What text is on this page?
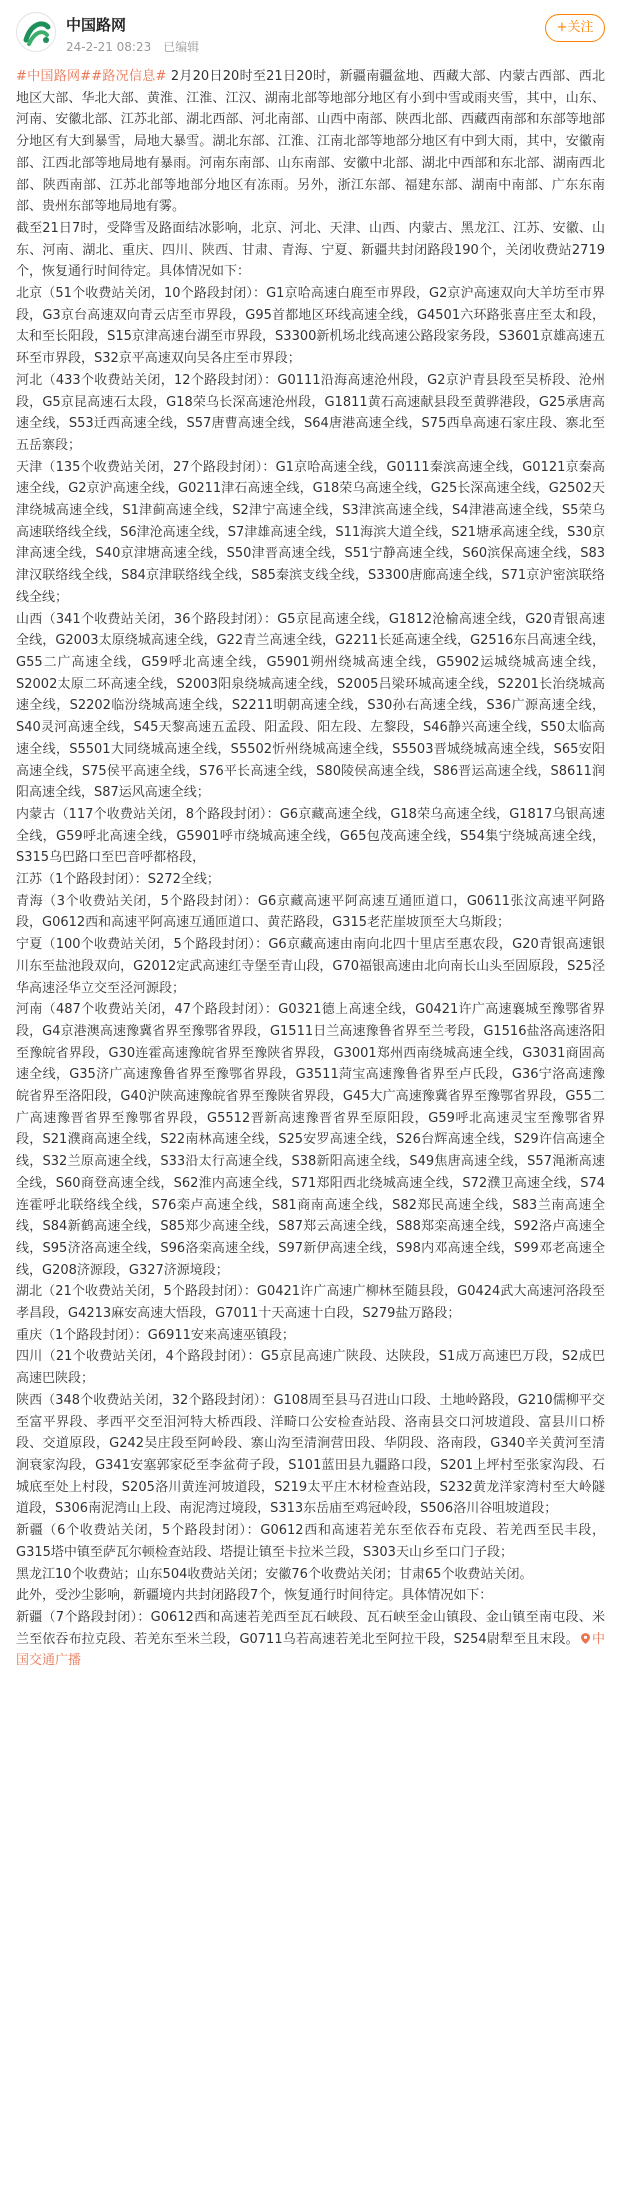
中国路网
24-2-21 08:23 已编辑
+关注

#中国路网##路况信息# 2月20日20时至21日20时，新疆南疆盆地、西藏大部、内蒙古西部、西北地区大部、华北大部、黄淮、江淮、江汉、湖南北部等地部分地区有小到中雪或雨夹雪，其中，山东、河南、安徽北部、江苏北部、湖北西部、河北南部、山西中南部、陕西北部、西藏西南部和东部等地部分地区有大到暴雪，局地大暴雪。湖北东部、江淮、江南北部等地部分地区有中到大雨，其中，安徽南部、江西北部等地局地有暴雨。河南东南部、山东南部、安徽中北部、湖北中西部和东北部、湖南西北部、陕西南部、江苏北部等地部分地区有冻雨。另外，浙江东部、福建东部、湖南中南部、广东东南部、贵州东部等地局地有雾。

截至21日7时，受降雪及路面结冰影响，北京、河北、天津、山西、内蒙古、黑龙江、江苏、安徽、山东、河南、湖北、重庆、四川、陕西、甘肃、青海、宁夏、新疆共封闭路段190个，关闭收费站2719个，恢复通行时间待定。具体情况如下：

北京（51个收费站关闭，10个路段封闭）：G1京哈高速白鹿至市界段，G2京沪高速双向大羊坊至市界段，G3京台高速双向青云店至市界段，G95首都地区环线高速全线，G4501六环路张喜庄至太和段，太和至长阳段，S15京津高速台湖至市界段，S3300新机场北线高速公路段家务段，S3601京雄高速五环至市界段，S32京平高速双向吴各庄至市界段；

河北（433个收费站关闭，12个路段封闭）：G0111沿海高速沧州段，G2京沪青县段至吴桥段、沧州段，G5京昆高速石太段，G18荣乌长深高速沧州段，G1811黄石高速献县段至黄骅港段，G25承唐高速全线，S53迁西高速全线，S57唐曹高速全线，S64唐港高速全线，S75西阜高速石家庄段、寨北至五岳寨段；

天津（135个收费站关闭，27个路段封闭）：G1京哈高速全线，G0111秦滨高速全线，G0121京秦高速全线，G2京沪高速全线，G0211津石高速全线，G18荣乌高速全线，G25长深高速全线，G2502天津绕城高速全线，S1津蓟高速全线，S2津宁高速全线，S3津滨高速全线，S4津港高速全线，S5荣乌高速联络线全线，S6津沧高速全线，S7津雄高速全线，S11海滨大道全线，S21塘承高速全线，S30京津高速全线，S40京津塘高速全线，S50津晋高速全线，S51宁静高速全线，S60滨保高速全线，S83津汉联络线全线，S84京津联络线全线，S85秦滨支线全线，S3300唐廊高速全线，S71京沪密滨联络线全线；

山西（341个收费站关闭，36个路段封闭）：G5京昆高速全线，G1812沧榆高速全线，G20青银高速全线，G2003太原绕城高速全线，G22青兰高速全线，G2211长延高速全线，G2516东吕高速全线，G55二广高速全线，G59呼北高速全线，G5901朔州绕城高速全线，G5902运城绕城高速全线，S2002太原二环高速全线，S2003阳泉绕城高速全线，S2005吕梁环城高速全线，S2201长治绕城高速全线，S2202临汾绕城高速全线，S2211明朝高速全线，S30孙右高速全线，S36广源高速全线，S40灵河高速全线，S45天黎高速五孟段、阳孟段、阳左段、左黎段，S46静兴高速全线，S50太临高速全线，S5501大同绕城高速全线，S5502忻州绕城高速全线，S5503晋城绕城高速全线，S65安阳高速全线，S75侯平高速全线，S76平长高速全线，S80陵侯高速全线，S86晋运高速全线，S8611润阳高速全线，S87运风高速全线；

内蒙古（117个收费站关闭，8个路段封闭）：G6京藏高速全线，G18荣乌高速全线，G1817乌银高速全线，G59呼北高速全线，G5901呼市绕城高速全线，G65包茂高速全线，S54集宁绕城高速全线，S315乌巴路口至巴音呼都格段，

江苏（1个路段封闭）：S272全线；

青海（3个收费站关闭，5个路段封闭）：G6京藏高速平阿高速互通匝道口，G0611张汶高速平阿路段，G0612西和高速平阿高速互通匝道口、黄茫路段，G315老茫崖坡顶至大乌斯段；

宁夏（100个收费站关闭，5个路段封闭）：G6京藏高速由南向北四十里店至惠农段，G20青银高速银川东至盐池段双向，G2012定武高速红寺堡至青山段，G70福银高速由北向南长山头至固原段，S25泾华高速泾华立交至泾河源段；

河南（487个收费站关闭，47个路段封闭）：G0321德上高速全线，G0421许广高速襄城至豫鄂省界段，G4京港澳高速豫冀省界至豫鄂省界段，G1511日兰高速豫鲁省界至兰考段，G1516盐洛高速洛阳至豫皖省界段，G30连霍高速豫皖省界至豫陕省界段，G3001郑州西南绕城高速全线，G3031商固高速全线，G35济广高速豫鲁省界至豫鄂省界段，G3511菏宝高速豫鲁省界至卢氏段，G36宁洛高速豫皖省界至洛阳段，G40沪陕高速豫皖省界至豫陕省界段，G45大广高速豫冀省界至豫鄂省界段，G55二广高速豫晋省界至豫鄂省界段，G5512晋新高速豫晋省界至原阳段，G59呼北高速灵宝至豫鄂省界段，S21濮商高速全线，S22南林高速全线，S25安罗高速全线，S26台辉高速全线，S29许信高速全线，S32兰原高速全线，S33沿太行高速全线，S38新阳高速全线，S49焦唐高速全线，S57渑淅高速全线，S60商登高速全线，S62淮内高速全线，S71郑阳西北绕城高速全线，S72濮卫高速全线，S74连霍呼北联络线全线，S76栾卢高速全线，S81商南高速全线，S82郑民高速全线，S83兰南高速全线，S84新鹤高速全线，S85郑少高速全线，S87郑云高速全线，S88郑栾高速全线，S92洛卢高速全线，S95济洛高速全线，S96洛栾高速全线，S97新伊高速全线，S98内邓高速全线，S99邓老高速全线，G208济源段，G327济源境段；

湖北（21个收费站关闭，5个路段封闭）：G0421许广高速广柳林至随县段，G0424武大高速河洛段至孝昌段，G4213麻安高速大悟段，G7011十天高速十白段，S279盐万路段；

重庆（1个路段封闭）：G6911安来高速巫镇段；

四川（21个收费站关闭，4个路段封闭）：G5京昆高速广陕段、达陕段，S1成万高速巴万段，S2成巴高速巴陕段；

陕西（348个收费站关闭，32个路段封闭）：G108周至县马召进山口段、土地岭路段，G210儒柳平交至富平界段、孝西平交至泪河特大桥西段、洋畸口公安检查站段、洛南县交口河坡道段、富县川口桥段、交道原段，G242吴庄段至阿岭段、寨山沟至清涧营田段、华阴段、洛南段，G340辛关黄河至清涧衰家沟段，G341安塞郭家砭至李盆荷子段，S101蓝田县九疆路口段，S201上坪村至张家沟段、石城底至处上村段，S205洛川黄连河坡道段，S219太平庄木材检查站段，S232黄龙洋家湾村至大岭隧道段，S306南泥湾山上段、南泥湾过境段，S313东岳庙至鸡冠岭段，S506洛川谷咀坡道段；

新疆（6个收费站关闭，5个路段封闭）：G0612西和高速若羌东至依吞布克段、若羌西至民丰段，G315塔中镇至萨瓦尔顿检查站段、塔提让镇至卡拉米兰段，S303天山乡至口门子段；

黑龙江10个收费站；山东504收费站关闭；安徽76个收费站关闭；甘肃65个收费站关闭。

此外，受沙尘影响，新疆境内共封闭路段7个，恢复通行时间待定。具体情况如下：

新疆（7个路段封闭）：G0612西和高速若羌西至瓦石峡段、瓦石峡至金山镇段、金山镇至南屯段、米兰至依吞布拉克段、若羌东至米兰段，G0711乌若高速若羌北至阿拉干段，S254尉犁至且末段。 中国交通广播
